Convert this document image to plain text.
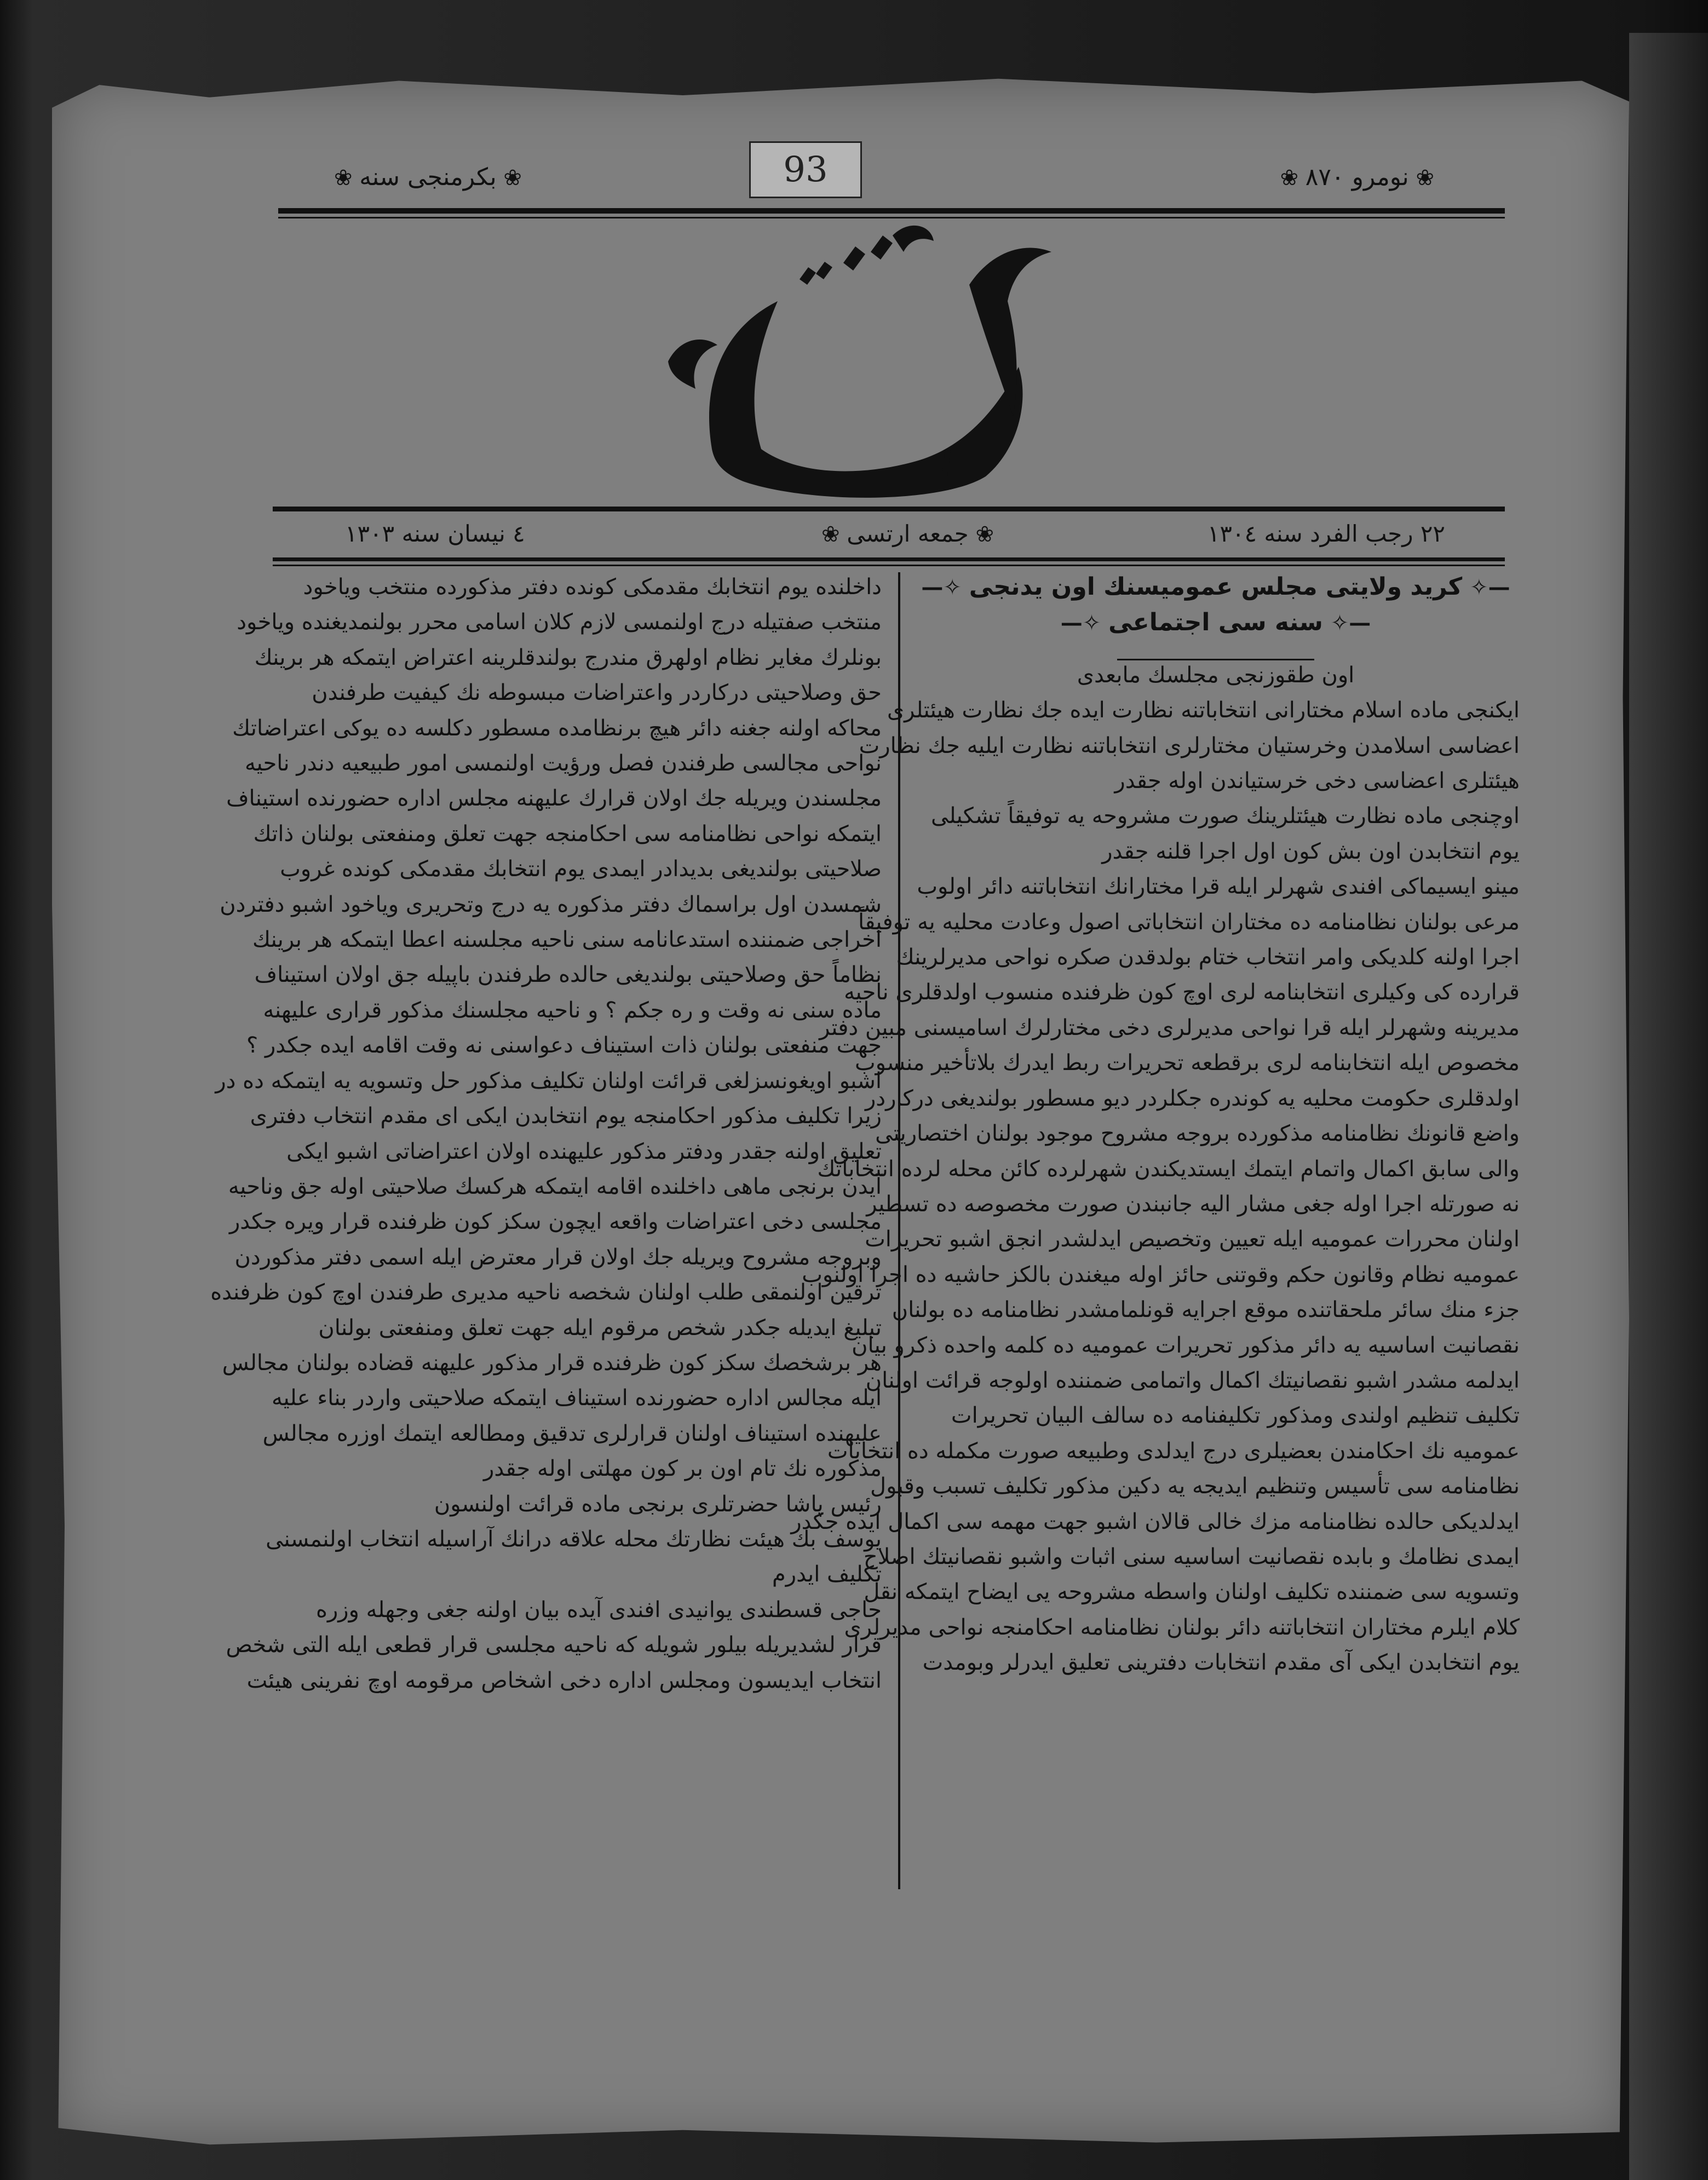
93
❀ بکرمنجی سنه ❀	❀ نومرو ٨٧٠ ❀
٢٢ رجب الفرد سنه ١٣٠٤
❀ جمعه ارتسی ❀
٤ نیسان سنه ١٣٠٣
—✧ کرید ولایتی مجلس عمومیسنك اون یدنجی ✧—
—✧ سنه سی اجتماعی ✧—
اون طقوزنجی مجلسك مابعدی
ایکنجی ماده اسلام مختارانی انتخاباتنه نظارت ایده جك نظارت هیئتلری
اعضاسی اسلامدن وخرستیان مختارلری انتخاباتنه نظارت ایلیه جك نظارت
هیئتلری اعضاسی دخی خرستیاندن اوله جقدر
اوچنجی ماده نظارت هیئتلرینك صورت مشروحه یه توفیقاً تشکیلی
یوم انتخابدن اون بش کون اول اجرا قلنه جقدر
مینو ایسیماکی افندی شهرلر ایله قرا مختارانك انتخاباتنه دائر اولوب
مرعی بولنان نظامنامه ده مختاران انتخاباتی اصول وعادت محلیه یه توفیقاً
اجرا اولنه کلدیکی وامر انتخاب ختام بولدقدن صکره نواحی مدیرلرینك
قرارده کی وکیلری انتخابنامه لری اوچ کون ظرفنده منسوب اولدقلری ناحیه
مدیرینه وشهرلر ایله قرا نواحی مدیرلری دخی مختارلرك اسامیسنی مبین دفتر
مخصوص ایله انتخابنامه لری برقطعه تحریرات ربط ایدرك بلاتأخیر منسوب
اولدقلری حکومت محلیه یه کوندره جکلردر دیو مسطور بولندیغی درکاردر
واضع قانونك نظامنامه مذکورده بروجه مشروح موجود بولنان اختصاریتی
والی سابق اکمال واتمام ایتمك ایستدیکندن شهرلرده کائن محله لرده انتخاباتك
نه صورتله اجرا اوله جغی مشار الیه جانبندن صورت مخصوصه ده تسطیر
اولنان محررات عمومیه ایله تعیین وتخصیص ایدلشدر انجق اشبو تحریرات
عمومیه نظام وقانون حکم وقوتنی حائز اوله میغندن بالکز حاشیه ده اجرا اولنوب
جزء منك سائر ملحقاتنده موقع اجرایه قونلمامشدر نظامنامه ده بولنان
نقصانیت اساسیه یه دائر مذکور تحریرات عمومیه ده کلمه واحده ذکرو بیان
ایدلمه مشدر اشبو نقصانیتك اکمال واتمامی ضمننده اولوجه قرائت اولنان
تکلیف تنظیم اولندی ومذکور تکلیفنامه ده سالف البیان تحریرات
عمومیه نك احکامندن بعضیلری درج ایدلدی وطبیعه صورت مکمله ده انتخابات
نظامنامه سی تأسیس وتنظیم ایدیجه یه دکین مذکور تکلیف تسبب وقبول
ایدلدیکی حالده نظامنامه مزك خالی قالان اشبو جهت مهمه سی اکمال ایده جکدر
ایمدی نظامك و بابده نقصانیت اساسیه سنی اثبات واشبو نقصانیتك اصلاح
وتسویه سی ضمننده تکلیف اولنان واسطه مشروحه یی ایضاح ایتمکه نقل
کلام ایلرم مختاران انتخاباتنه دائر بولنان نظامنامه احکامنجه نواحی مدیرلری
یوم انتخابدن ایکی آی مقدم انتخابات دفترینی تعلیق ایدرلر وبومدت
داخلنده یوم انتخابك مقدمکی کونده دفتر مذکورده منتخب ویاخود
منتخب صفتیله درج اولنمسی لازم کلان اسامی محرر بولنمدیغنده ویاخود
بونلرك مغایر نظام اولهرق مندرج بولندقلرینه اعتراض ایتمکه هر برینك
حق وصلاحیتی درکاردر واعتراضات مبسوطه نك کیفیت طرفندن
محاکه اولنه جغنه دائر هیچ برنظامده مسطور دکلسه ده یوکی اعتراضاتك
نواحی مجالسی طرفندن فصل ورؤیت اولنمسی امور طبیعیه دندر ناحیه
مجلسندن ویریله جك اولان قرارك علیهنه مجلس اداره حضورنده استیناف
ایتمکه نواحی نظامنامه سی احکامنجه جهت تعلق ومنفعتی بولنان ذاتك
صلاحیتی بولندیغی بدیدادر ایمدی یوم انتخابك مقدمکی کونده غروب
شمسدن اول براسماك دفتر مذکوره یه درج وتحریری ویاخود اشبو دفتردن
اخراجی ضمننده استدعانامه سنی ناحیه مجلسنه اعطا ایتمکه هر برینك
نظاماً حق وصلاحیتی بولندیغی حالده طرفندن باپیله جق اولان استیناف
ماده سنی نه وقت و ره جکم ؟ و ناحیه مجلسنك مذکور قراری علیهنه
جهت منفعتی بولنان ذات استیناف دعواسنی نه وقت اقامه ایده جکدر ؟
اشبو اویغونسزلغی قرائت اولنان تکلیف مذکور حل وتسویه یه ایتمکه ده در
زیرا تکلیف مذکور احکامنجه یوم انتخابدن ایکی ای مقدم انتخاب دفتری
تعلیق اولنه جقدر ودفتر مذکور علیهنده اولان اعتراضاتی اشبو ایکی
آیدن برنجی ماهی داخلنده اقامه ایتمکه هرکسك صلاحیتی اوله جق وناحیه
مجلسی دخی اعتراضات واقعه ایچون سکز کون ظرفنده قرار ویره جکدر
وبروجه مشروح ویریله جك اولان قرار معترض ایله اسمی دفتر مذکوردن
ترقین اولنمقی طلب اولنان شخصه ناحیه مدیری طرفندن اوچ کون ظرفنده
تبلیغ ایدیله جکدر شخص مرقوم ایله جهت تعلق ومنفعتی بولنان
هر برشخصك سکز کون ظرفنده قرار مذکور علیهنه قضاده بولنان مجالس
ایله مجالس اداره حضورنده استیناف ایتمکه صلاحیتی واردر بناء علیه
علیهنده استیناف اولنان قرارلری تدقیق ومطالعه ایتمك اوزره مجالس
مذکوره نك تام اون بر کون مهلتی اوله جقدر
رئیس پاشا حضرتلری برنجی ماده قرائت اولنسون
یوسف بك هیئت نظارتك محله علاقه درانك آراسیله انتخاب اولنمسنی
تکلیف ایدرم
حاجی قسطندی یوانیدی افندی آیده بیان اولنه جغی وجهله وزره
قرار لشدیریله بیلور شویله که ناحیه مجلسی قرار قطعی ایله التی شخص
انتخاب ایدیسون ومجلس اداره دخی اشخاص مرقومه اوچ نفرینی هیئت
